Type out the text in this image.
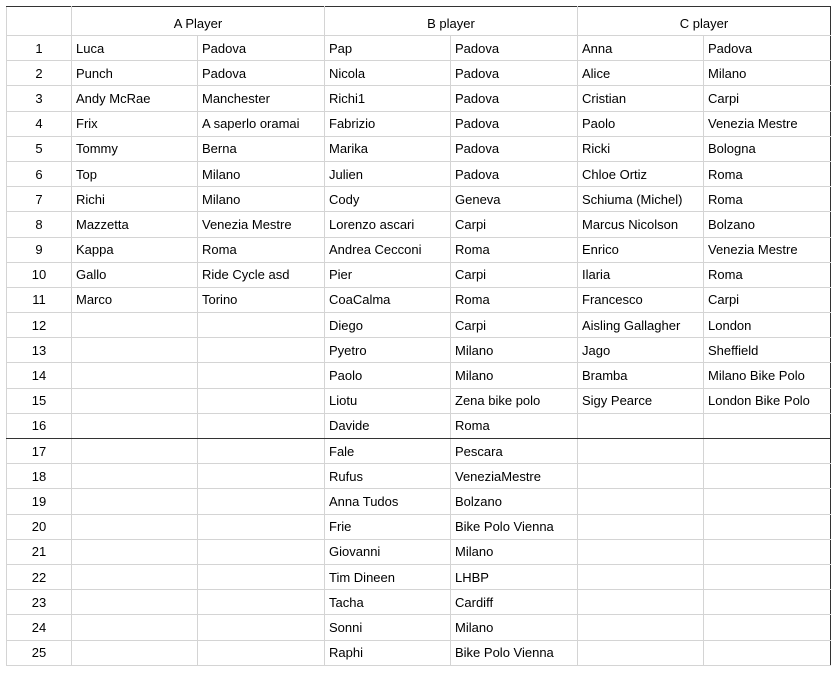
	A Player		B player		C player	
1	Luca	Padova	Pap	Padova	Anna	Padova
2	Punch	Padova	Nicola	Padova	Alice	Milano
3	Andy McRae	Manchester	Richi1	Padova	Cristian	Carpi
4	Frix	A saperlo oramai	Fabrizio	Padova	Paolo	Venezia Mestre
5	Tommy	Berna	Marika	Padova	Ricki	Bologna
6	Top	Milano	Julien	Padova	Chloe Ortiz	Roma
7	Richi	Milano	Cody	Geneva	Schiuma (Michel)	Roma
8	Mazzetta	Venezia Mestre	Lorenzo ascari	Carpi	Marcus Nicolson	Bolzano
9	Kappa	Roma	Andrea Cecconi	Roma	Enrico	Venezia Mestre
10	Gallo	Ride Cycle asd	Pier	Carpi	Ilaria	Roma
11	Marco	Torino	CoaCalma	Roma	Francesco	Carpi
12			Diego	Carpi	Aisling Gallagher	London
13			Pyetro	Milano	Jago	Sheffield
14			Paolo	Milano	Bramba	Milano Bike Polo
15			Liotu	Zena bike polo	Sigy Pearce	London Bike Polo
16			Davide	Roma		
17			Fale	Pescara		
18			Rufus	VeneziaMestre		
19			Anna Tudos	Bolzano		
20			Frie	Bike Polo Vienna		
21			Giovanni	Milano		
22			Tim Dineen	LHBP		
23			Tacha	Cardiff		
24			Sonni	Milano		
25			Raphi	Bike Polo Vienna		
